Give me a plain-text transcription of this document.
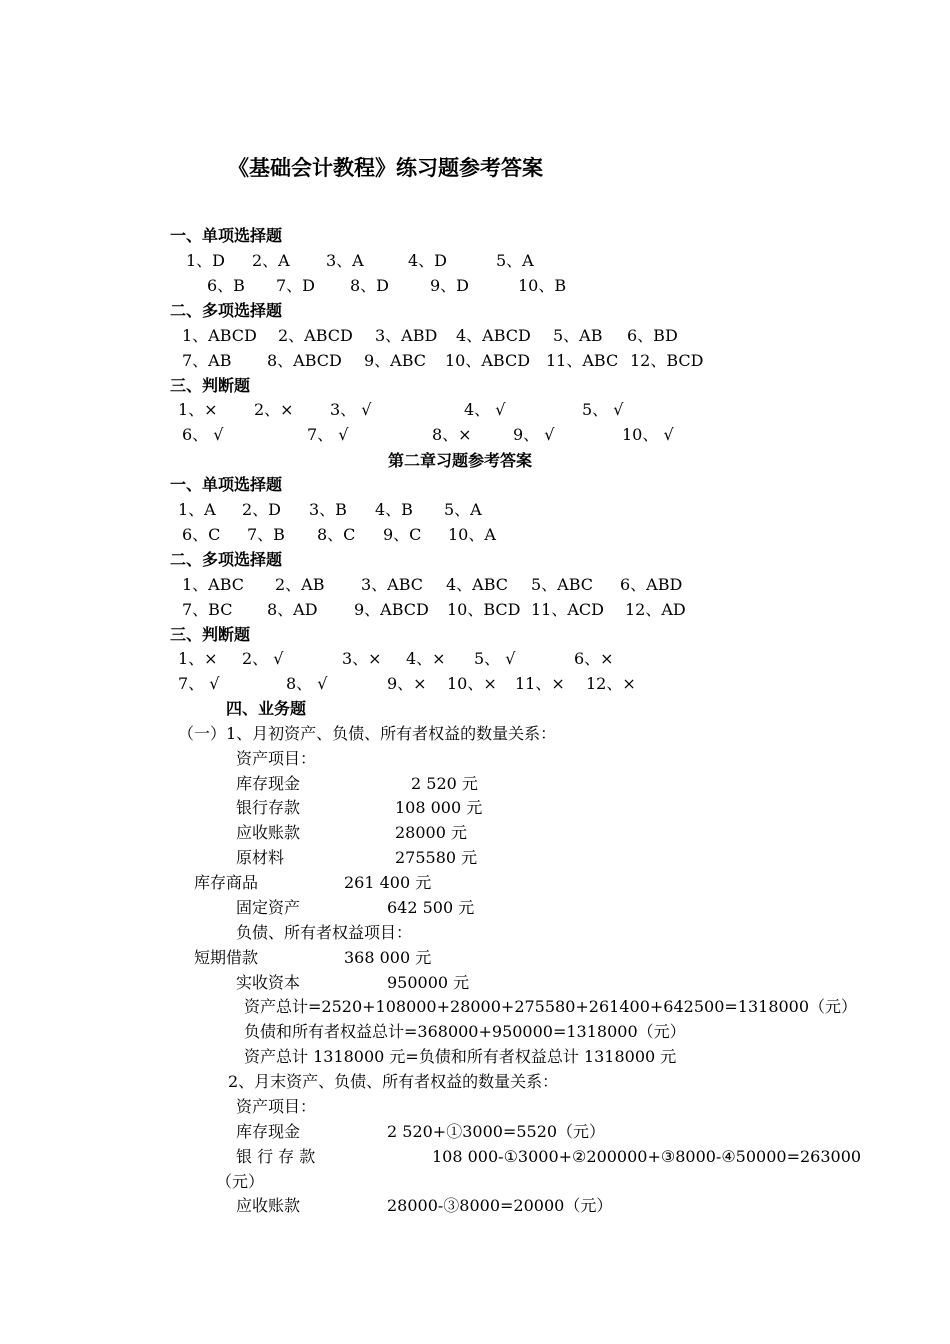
《基础会计教程》练习题参考答案
一、单项选择题
1、D 2、A 3、A	4、D	5、A
6、B 7、D 8、D	9、D	10、B
二、多项选择题
1、ABCD 2、ABCD 3、ABD 4、ABCD 5、AB 6、BD
7、AB 8、ABCD 9、ABC 10、ABCD 11、ABC 12、BCD
三、判断题
1、× 2、× 3、 √	4、 √	5、 √
6、 √	7、 √	8、×	9、 √	10、 √
第二章习题参考答案
一、单项选择题
1、A 2、D 3、B 4、B 5、A
6、C 7、B 8、C 9、C 10、A
二、多项选择题
1、ABC 2、AB 3、ABC 4、ABC 5、ABC 6、ABD
7、BC 8、AD 9、ABCD 10、BCD 11、ACD 12、AD
三、判断题
1、× 2、 √	3、× 4、× 5、 √	6、×
7、 √	8、 √	9、× 10、× 11、× 12、×
四、业务题
（一）1、月初资产、负债、所有者权益的数量关系：
资产项目：
库存现金	2 520 元
银行存款	108 000 元
应收账款	28000 元
原材料	275580 元
库存商品	261 400 元
固定资产	642 500 元
负债、所有者权益项目：
短期借款	368 000 元
实收资本	950000 元
资产总计=2520+108000+28000+275580+261400+642500=1318000（元）
负债和所有者权益总计=368000+950000=1318000（元）
资产总计 1318000 元=负债和所有者权益总计 1318000 元
2、月末资产、负债、所有者权益的数量关系：
资产项目：
库存现金	2 520+①3000=5520（元）
银 行 存 款	108 000-①3000+②200000+③8000-④50000=263000
（元）
应收账款	28000-③8000=20000（元）
